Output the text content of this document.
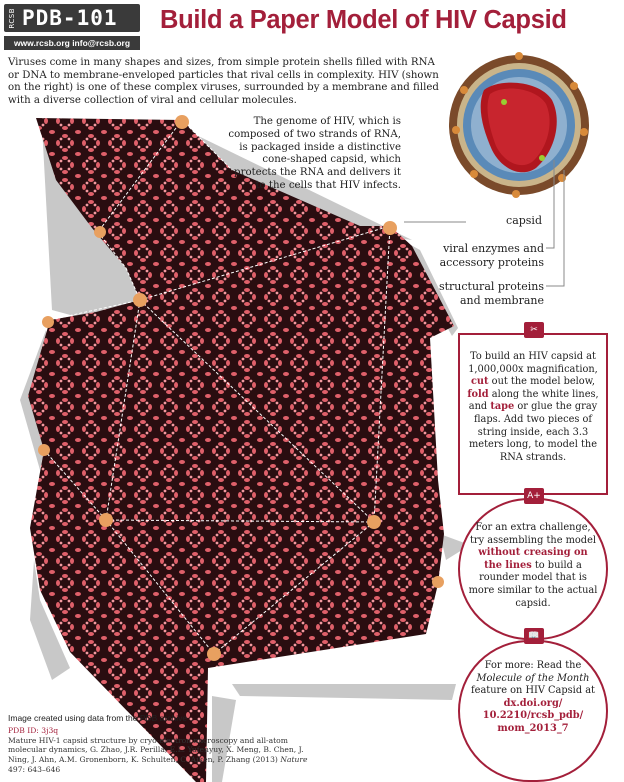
RCSB PDB-101
www.rcsb.org info@rcsb.org
Build a Paper Model of HIV Capsid
Viruses come in many shapes and sizes, from simple protein shells filled with RNA or DNA to membrane-enveloped particles that rival cells in complexity. HIV (shown on the right) is one of these complex viruses, surrounded by a membrane and filled with a diverse collection of viral and cellular molecules.
The genome of HIV, which is composed of two strands of RNA, is packaged inside a distinctive cone-shaped capsid, which protects the RNA and delivers it to the cells that HIV infects.
capsid
viral enzymes and accessory proteins
structural proteins and membrane
To build an HIV capsid at 1,000,000x magnification, cut out the model below, fold along the white lines, and tape or glue the gray flaps. Add two pieces of string inside, each 3.3 meters long, to model the RNA strands.
✂
For an extra challenge, try assembling the model without creasing on the lines to build a rounder model that is more similar to the actual capsid.
A+
For more: Read the Molecule of the Month feature on HIV Capsid at dx.doi.org/ 10.2210/rcsb_pdb/ mom_2013_7
📖
Image created using data from the PDB archive
PDB ID: 3j3q
Mature HIV-1 capsid structure by cryo-electron microscopy and all-atom molecular dynamics, G. Zhao, J.R. Perilla, E.L. Yufenyuy, X. Meng, B. Chen, J. Ning, J. Ahn, A.M. Gronenborn, K. Schulten, C. Aiken, P. Zhang (2013) Nature 497: 643–646
